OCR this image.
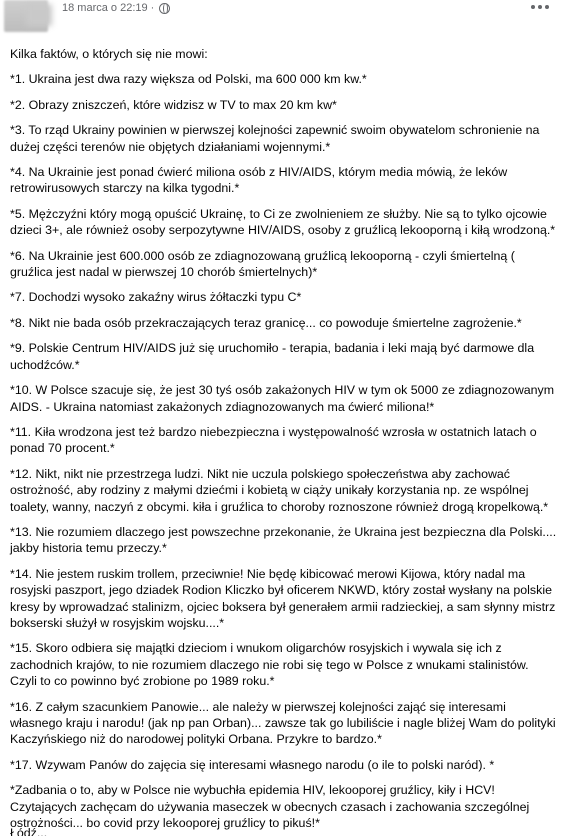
18 marca o 22:19 ·

Kilka faktów, o których się nie mowi:

*1. Ukraina jest dwa razy większa od Polski, ma 600 000 km kw.*

*2. Obrazy zniszczeń, które widzisz w TV to max 20 km kw*

*3. To rząd Ukrainy powinien w pierwszej kolejności zapewnić swoim obywatelom schronienie na dużej części terenów nie objętych działaniami wojennymi.*

*4. Na Ukrainie jest ponad ćwierć miliona osób z HIV/AIDS, którym media mówią, że leków retrowirusowych starczy na kilka tygodni.*

*5. Mężczyźni który mogą opuścić Ukrainę, to Ci ze zwolnieniem ze służby. Nie są to tylko ojcowie dzieci 3+, ale również osoby serpozytywne HIV/AIDS, osoby z gruźlicą lekooporną i kiłą wrodzoną.*

*6. Na Ukrainie jest 600.000 osób ze zdiagnozowaną gruźlicą lekooporną - czyli śmiertelną ( gruźlica jest nadal w pierwszej 10 chorób śmiertelnych)*

*7. Dochodzi wysoko zakaźny wirus żółtaczki typu C*

*8. Nikt nie bada osób przekraczających teraz granicę... co powoduje śmiertelne zagrożenie.*

*9. Polskie Centrum HIV/AIDS już się uruchomiło - terapia, badania i leki mają być darmowe dla uchodźców.*

*10. W Polsce szacuje się, że jest 30 tyś osób zakażonych HIV w tym ok 5000 ze zdiagnozowanym AIDS. - Ukraina natomiast zakażonych zdiagnozowanych ma ćwierć miliona!*

*11. Kiła wrodzona jest też bardzo niebezpieczna i występowalność wzrosła w ostatnich latach o ponad 70 procent.*

*12. Nikt, nikt nie przestrzega ludzi. Nikt nie uczula polskiego społeczeństwa aby zachować ostrożność, aby rodziny z małymi dziećmi i kobietą w ciąży unikały korzystania np. ze wspólnej toalety, wanny, naczyń z obcymi. kiła i gruźlica to choroby roznoszone również drogą kropelkową.*

*13. Nie rozumiem dlaczego jest powszechne przekonanie, że Ukraina jest bezpieczna dla Polski.... jakby historia temu przeczy.*

*14. Nie jestem ruskim trollem, przeciwnie! Nie będę kibicować merowi Kijowa, który nadal ma rosyjski paszport, jego dziadek Rodion Kliczko był oficerem NKWD, który został wysłany na polskie kresy by wprowadzać stalinizm, ojciec boksera był generałem armii radzieckiej, a sam słynny mistrz bokserski służył w rosyjskim wojsku....*

*15. Skoro odbiera się majątki dzieciom i wnukom oligarchów rosyjskich i wywala się ich z zachodnich krajów, to nie rozumiem dlaczego nie robi się tego w Polsce z wnukami stalinistów. Czyli to co powinno być zrobione po 1989 roku.*

*16. Z całym szacunkiem Panowie... ale należy w pierwszej kolejności zająć się interesami własnego kraju i narodu! (jak np pan Orban)... zawsze tak go lubiliście i nagle bliżej Wam do polityki Kaczyńskiego niż do narodowej polityki Orbana. Przykre to bardzo.*

*17. Wzywam Panów do zajęcia się interesami własnego narodu (o ile to polski naród). *

*Zadbania o to, aby w Polsce nie wybuchła epidemia HIV, lekooporej gruźlicy, kiły i HCV! Czytających zachęcam do używania maseczek w obecnych czasach i zachowania szczególnej ostrożności... bo covid przy lekooporej gruźlicy to pikuś!*

Łódź...
